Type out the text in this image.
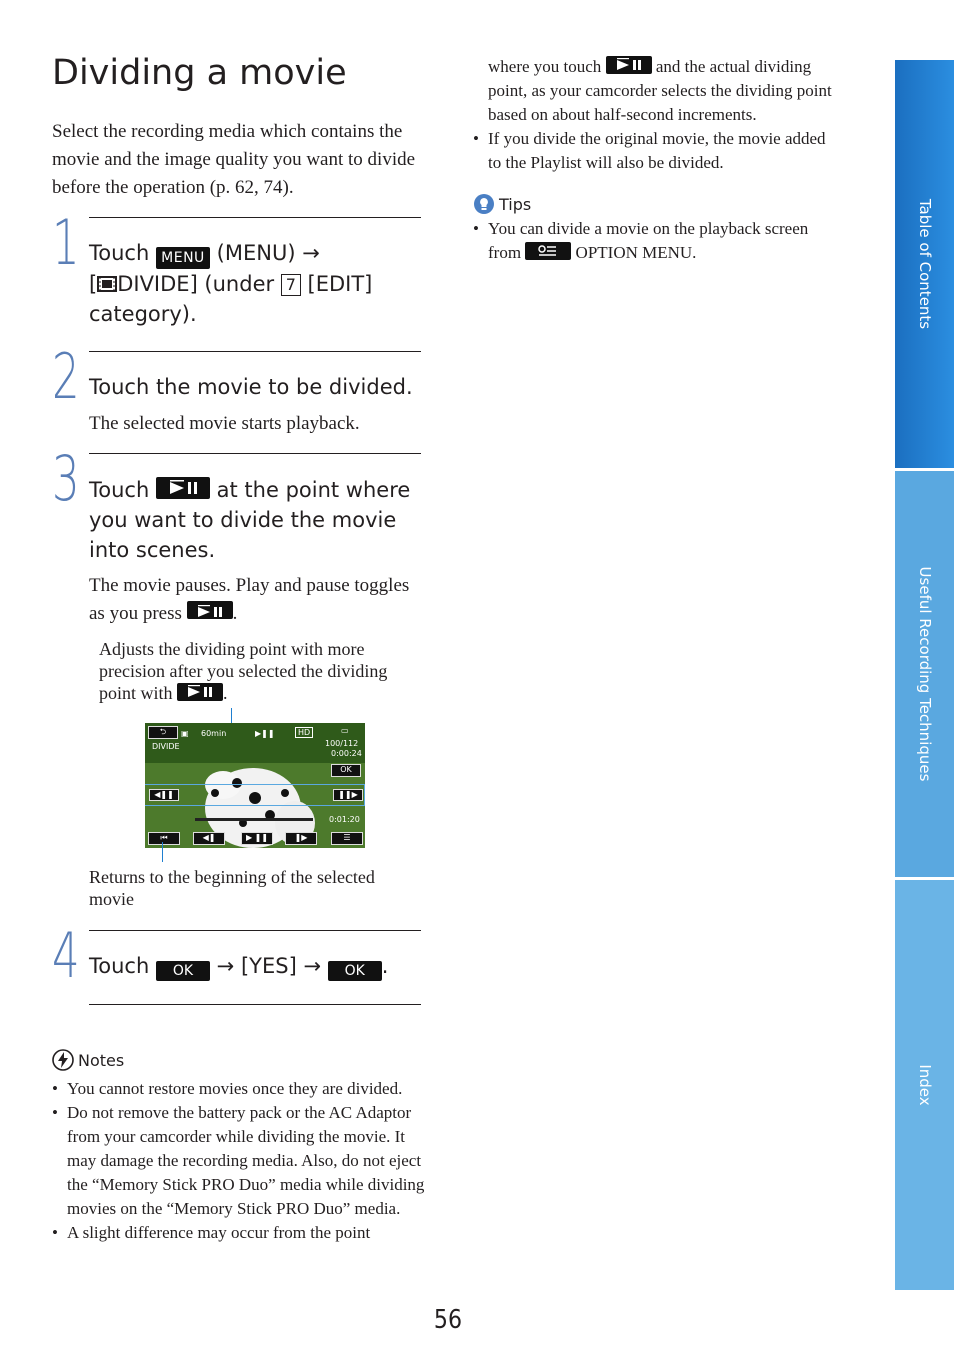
Dividing a movie
Select the recording media which contains the movie and the image quality you want to divide before the operation (p. 62, 74).
1 Touch MENU (MENU) →
[ DIVIDE] (under 7 [EDIT] category).
2 Touch the movie to be divided.
The selected movie starts playback.
3 Touch	at the point where you want to divide the movie into scenes.
The movie pauses. Play and pause toggles as you press	.
Adjusts the dividing point with more precision after you selected the dividing point with	.
⮌	▣ 60min	▶❚❚	HD	▭
DIVIDE	100/112
0:00:24
OK
◀❚❚	❚❚▶
0:01:20
⏮	◀❚	▶ ❚❚	❚▶	☰
Returns to the beginning of the selected movie
4 Touch OK → [YES] → OK .
Notes
• You cannot restore movies once they are divided.
• Do not remove the battery pack or the AC Adaptor from your camcorder while dividing the movie. It may damage the recording media. Also, do not eject the “Memory Stick PRO Duo” media while dividing movies on the “Memory Stick PRO Duo” media.
• A slight difference may occur from the point
where you touch	and the actual dividing point, as your camcorder selects the dividing point based on about half-second increments.
• If you divide the original movie, the movie added to the Playlist will also be divided.
Tips
• You can divide a movie on the playback screen from	OPTION MENU.	Table of Contents
Useful Recording Techniques
Index
56
